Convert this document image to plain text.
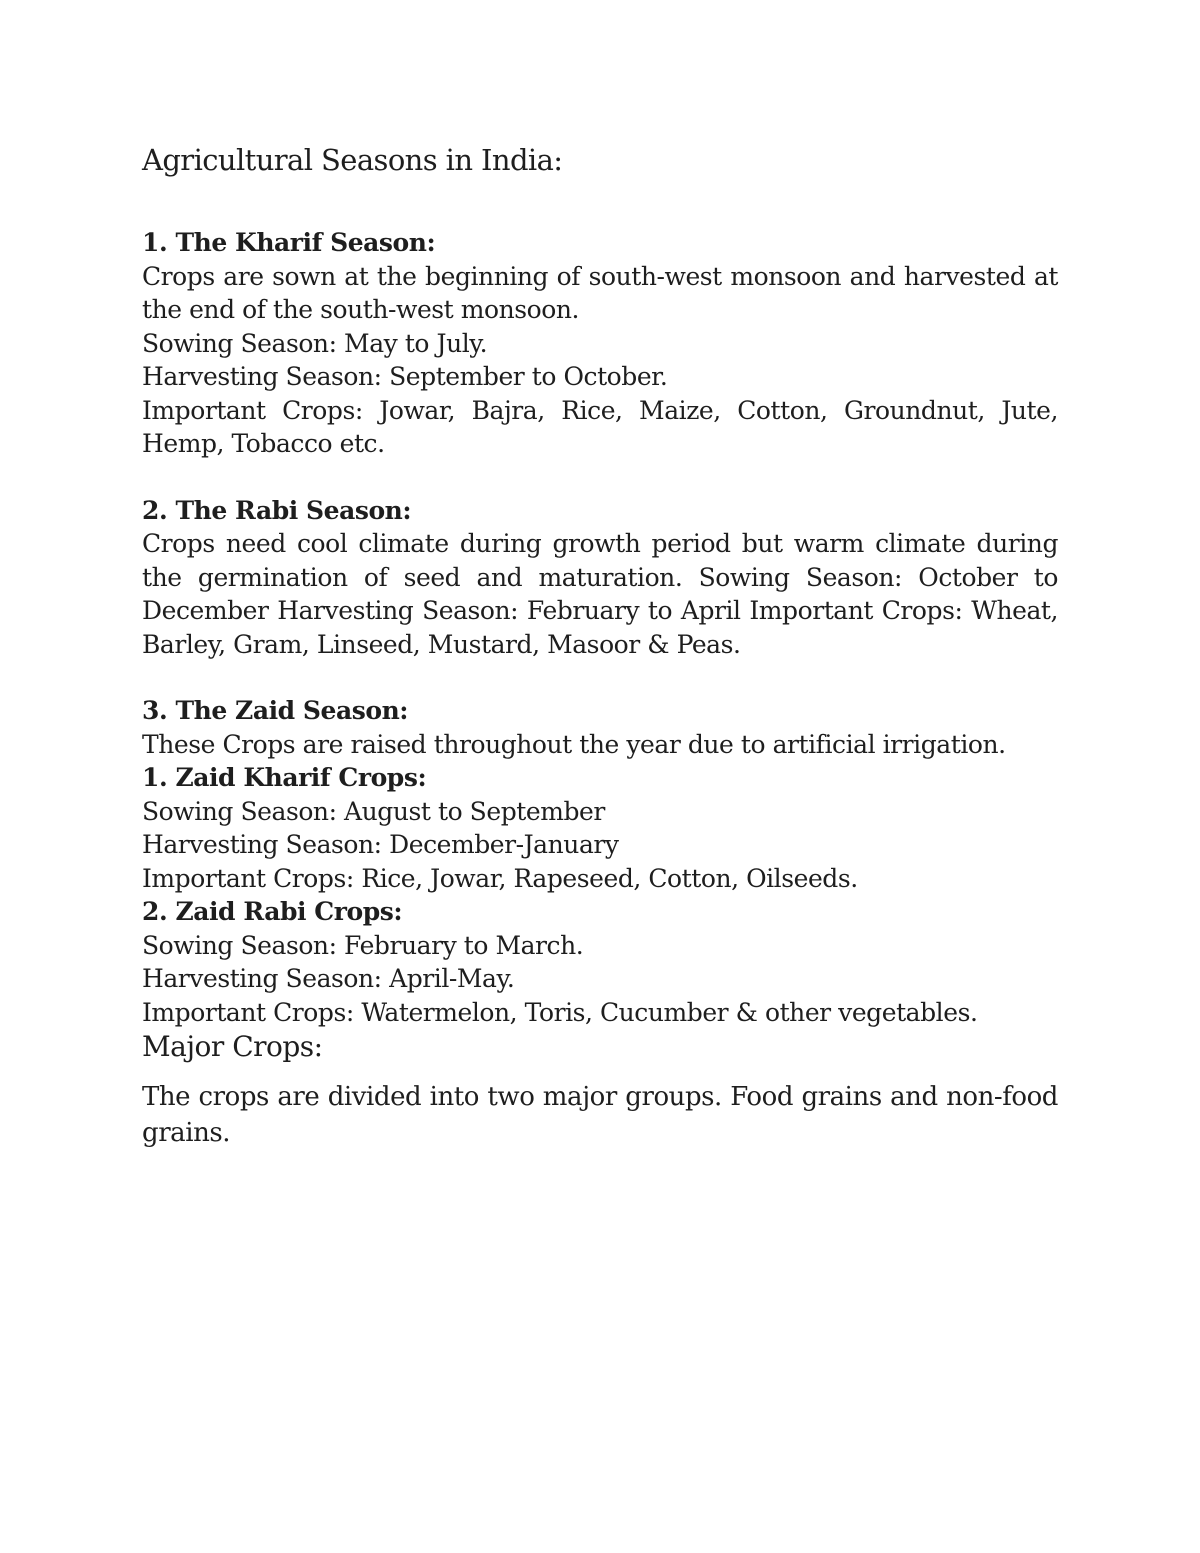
Agricultural Seasons in India:

1. The Kharif Season:

Crops are sown at the beginning of south-west monsoon and harvested at the end of the south-west monsoon.

Sowing Season: May to July.

Harvesting Season: September to October.

Important Crops: Jowar, Bajra, Rice, Maize, Cotton, Groundnut, Jute, Hemp, Tobacco etc.

2. The Rabi Season:

Crops need cool climate during growth period but warm climate during the germination of seed and maturation. Sowing Season: October to December Harvesting Season: February to April Important Crops: Wheat, Barley, Gram, Linseed, Mustard, Masoor & Peas.

3. The Zaid Season:

These Crops are raised throughout the year due to artificial irrigation.

1. Zaid Kharif Crops:

Sowing Season: August to September

Harvesting Season: December-January

Important Crops: Rice, Jowar, Rapeseed, Cotton, Oilseeds.

2. Zaid Rabi Crops:

Sowing Season: February to March.

Harvesting Season: April-May.

Important Crops: Watermelon, Toris, Cucumber & other vegetables.

Major Crops:

The crops are divided into two major groups. Food grains and non-food grains.
